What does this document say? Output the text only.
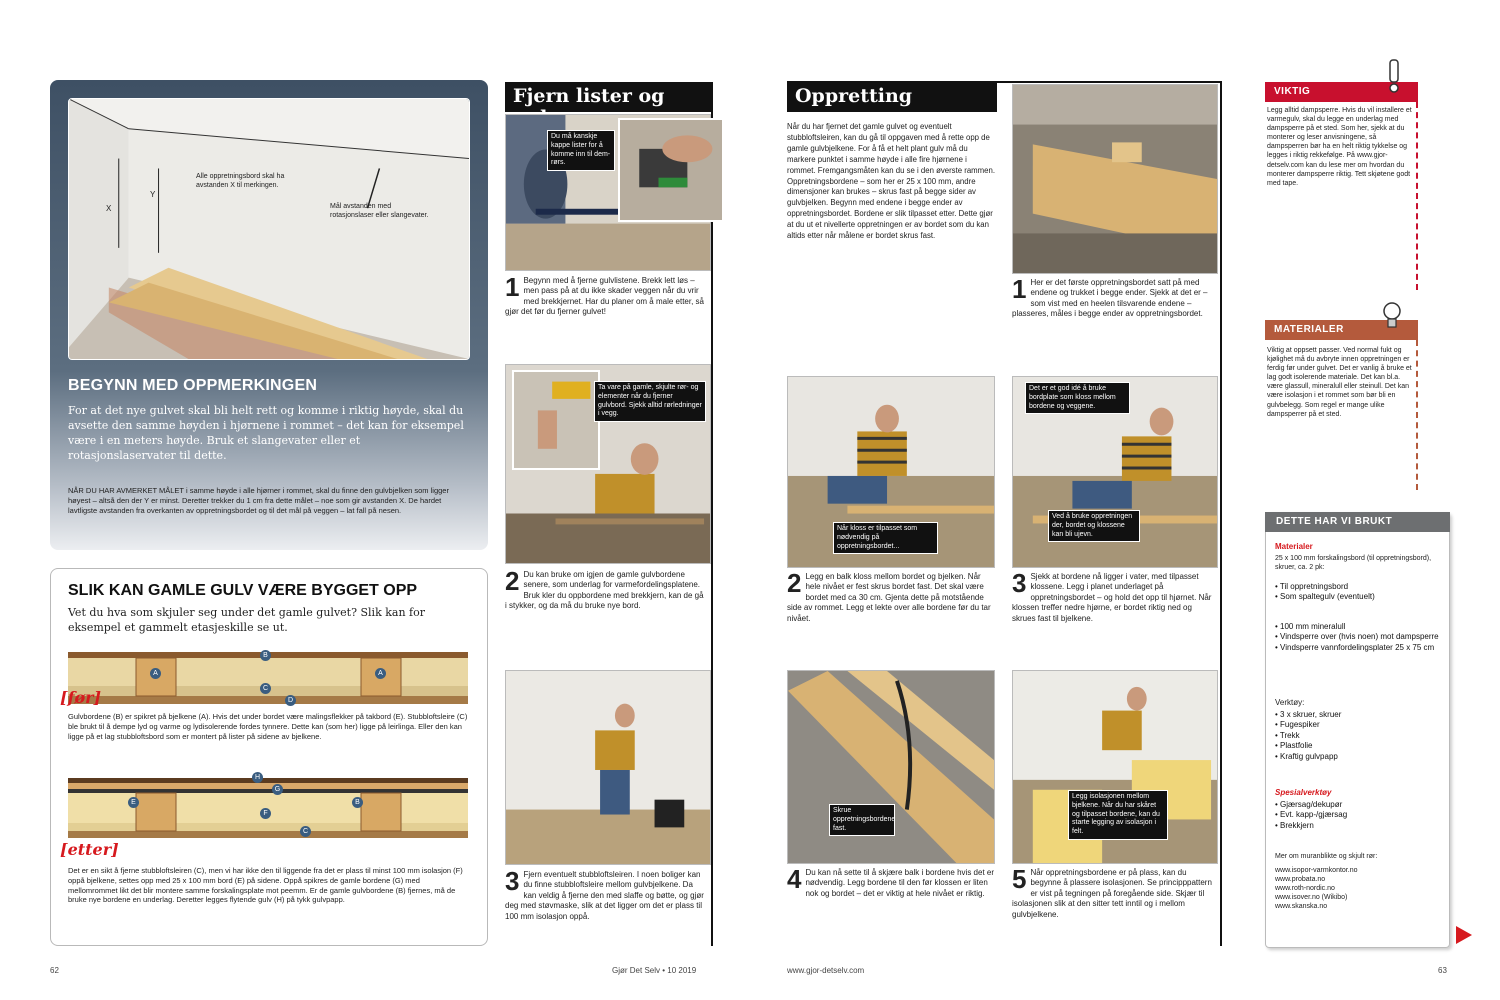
Alle oppretningsbord skal ha avstanden X til merkingen.
Mål avstanden med rotasjonslaser eller slangevater.
X
Y
BEGYNN MED OPPMERKINGEN
For at det nye gulvet skal bli helt rett og komme i riktig høyde, skal du avsette den samme høyden i hjørnene i rommet – det kan for eksempel være i en meters høyde. Bruk et slangevater eller et rotasjonslaservater til dette.
NÅR DU HAR AVMERKET MÅLET i samme høyde i alle hjørner i rommet, skal du finne den gulvbjelken som ligger høyest – altså den der Y er minst. Deretter trekker du 1 cm fra dette målet – noe som gir avstanden X. De hardet lavtligste avstanden fra overkanten av oppretningsbordet og til det mål på veggen – lat fall på nesen.
SLIK KAN GAMLE GULV VÆRE BYGGET OPP
Vet du hva som skjuler seg under det gamle gulvet? Slik kan for eksempel et gammelt etasjeskille se ut.
A
B
C
D
A
[før]
Gulvbordene (B) er spikret på bjelkene (A). Hvis det under bordet være malingsflekker på takbord (E). Stubbloftsleire (C) ble brukt til å dempe lyd og varme og lydisolerende fordes tynnere. Dette kan (som her) ligge på leirlinga. Eller den kan ligge på et lag stubbloftsbord som er montert på lister på sidene av bjelkene.
H
G
E
F
C
B
[etter]
Det er en sikt å fjerne stubbloftsleiren (C), men vi har ikke den til liggende fra det er plass til minst 100 mm isolasjon (F) oppå bjelkene, settes opp med 25 x 100 mm bord (E) på sidene. Oppå spikres de gamle bordene (G) med mellomrommet likt det blir montere samme forskalingsplate mot peemm. Er de gamle gulvbordene (B) fjernes, må de bruke nye bordene en underlag. Deretter legges flytende gulv (H) på tykk gulvpapp.
Fjern lister og
Du må kanskje kappe lister for å komme inn til dem-rørs.
1 Begynn med å fjerne gulvlistene. Brekk lett løs – men pass på at du ikke skader veggen når du vrir med brekkjernet. Har du planer om å male etter, så gjør det før du fjerner gulvet!
Ta vare på gamle, skjulte rør- og elementer når du fjerner gulvbord. Sjekk alltid rørledninger i vegg.
2 Du kan bruke om igjen de gamle gulvbordene senere, som underlag for varmefordelingsplatene. Bruk kler du oppbordene med brekkjern, kan de gå i stykker, og da må du bruke nye bord.
3 Fjern eventuelt stubbloftsleiren. I noen boliger kan du finne stubbloftsleire mellom gulvbjelkene. Da kan veldig å fjerne den med slaffe og bøtte, og gjør deg med støvmaske, slik at det ligger om det er plass til 100 mm isolasjon oppå.
62	Gjør Det Selv • 10 2019
Oppretting
Når du har fjernet det gamle gulvet og eventuelt stubbloftsleiren, kan du gå til oppgaven med å rette opp de gamle gulvbjelkene. For å få et helt plant gulv må du markere punktet i samme høyde i alle fire hjørnene i rommet. Fremgangsmåten kan du se i den øverste rammen. Oppretningsbordene – som her er 25 x 100 mm, andre dimensjoner kan brukes – skrus fast på begge sider av gulvbjelken. Begynn med endene i begge ender av oppretningsbordet. Bordene er slik tilpasset etter. Dette gjør at du ut et nivellerte oppretningen er av bordet som du kan altids etter når målene er bordet skrus fast.
1 Her er det første oppretningsbordet satt på med endene og trukket i begge ender. Sjekk at det er – som vist med en heelen tilsvarende endene – plasseres, måles i begge ender av oppretningsbordet.
Når kloss er tilpasset som nødvendig på oppretningsbordet...
Det er et god idé å bruke bordplate som kloss mellom bordene og veggene.
Ved å bruke oppretningen der, bordet og klossene kan bli ujevn.
2 Legg en balk kloss mellom bordet og bjelken. Når hele nivået er fest skrus bordet fast. Det skal være bordet med ca 30 cm. Gjenta dette på motstående side av rommet. Legg et lekte over alle bordene før du tar nivået.
3 Sjekk at bordene nå ligger i vater, med tilpasset klossene. Legg i planet underlaget på oppretningsbordet – og hold det opp til hjørnet. Når klossen treffer nedre hjørne, er bordet riktig ned og skrues fast til bjelkene.
Skrue oppretningsbordene fast.
Legg isolasjonen mellom bjelkene. Når du har skåret og tilpasset bordene, kan du starte legging av isolasjon i felt.
4 Du kan nå sette til å skjære balk i bordene hvis det er nødvendig. Legg bordene til den før klossen er liten nok og bordet – det er viktig at hele nivået er riktig.	5 Når oppretningsbordene er på plass, kan du begynne å plassere isolasjonen. Se principppattern er vist på tegningen på foregående side. Skjær til isolasjonen slik at den sitter tett inntil og i mellom gulvbjelkene.
VIKTIG
Legg alltid dampsperre. Hvis du vil installere et varmegulv, skal du legge en underlag med dampsperre på et sted. Som her, sjekk at du monterer og leser anvisningene, så dampsperren bør ha en helt riktig tykkelse og legges i riktig rekkefølge. På www.gjor-detselv.com kan du lese mer om hvordan du monterer dampsperre riktig. Tett skjøtene godt med tape.
MATERIALER
Viktig at oppsett passer. Ved normal fukt og kjølighet må du avbryte innen oppretningen er ferdig før under gulvet. Det er vanlig å bruke et lag godt isolerende materiale. Det kan bl.a. være glassull, mineralull eller steinull. Det kan være isolasjon i et rommet som bør bli en gulvbelegg. Som regel er mange ulike dampsperrer på et sted.
DETTE HAR VI BRUKT
Materialer
25 x 100 mm forskalingsbord (til oppretningsbord), skruer, ca. 2 pk:
• Til oppretningsbord
• Som spaltegulv (eventuelt)
• 100 mm mineralull
• Vindsperre over (hvis noen) mot dampsperre
• Vindsperre vannfordelingsplater 25 x 75 cm
Verktøy:
• 3 x skruer, skruer
• Fugespiker
• Trekk
• Plastfolie
• Kraftig gulvpapp
Spesialverktøy
• Gjærsag/dekupør
• Evt. kapp-/gjærsag
• Brekkjern
Mer om muranblikte og skjult rør:
www.isopor-varmkontor.no
www.probata.no
www.roth-nordic.no
www.isover.no (Wikibo)
www.skanska.no
www.gjor-detselv.com	63
